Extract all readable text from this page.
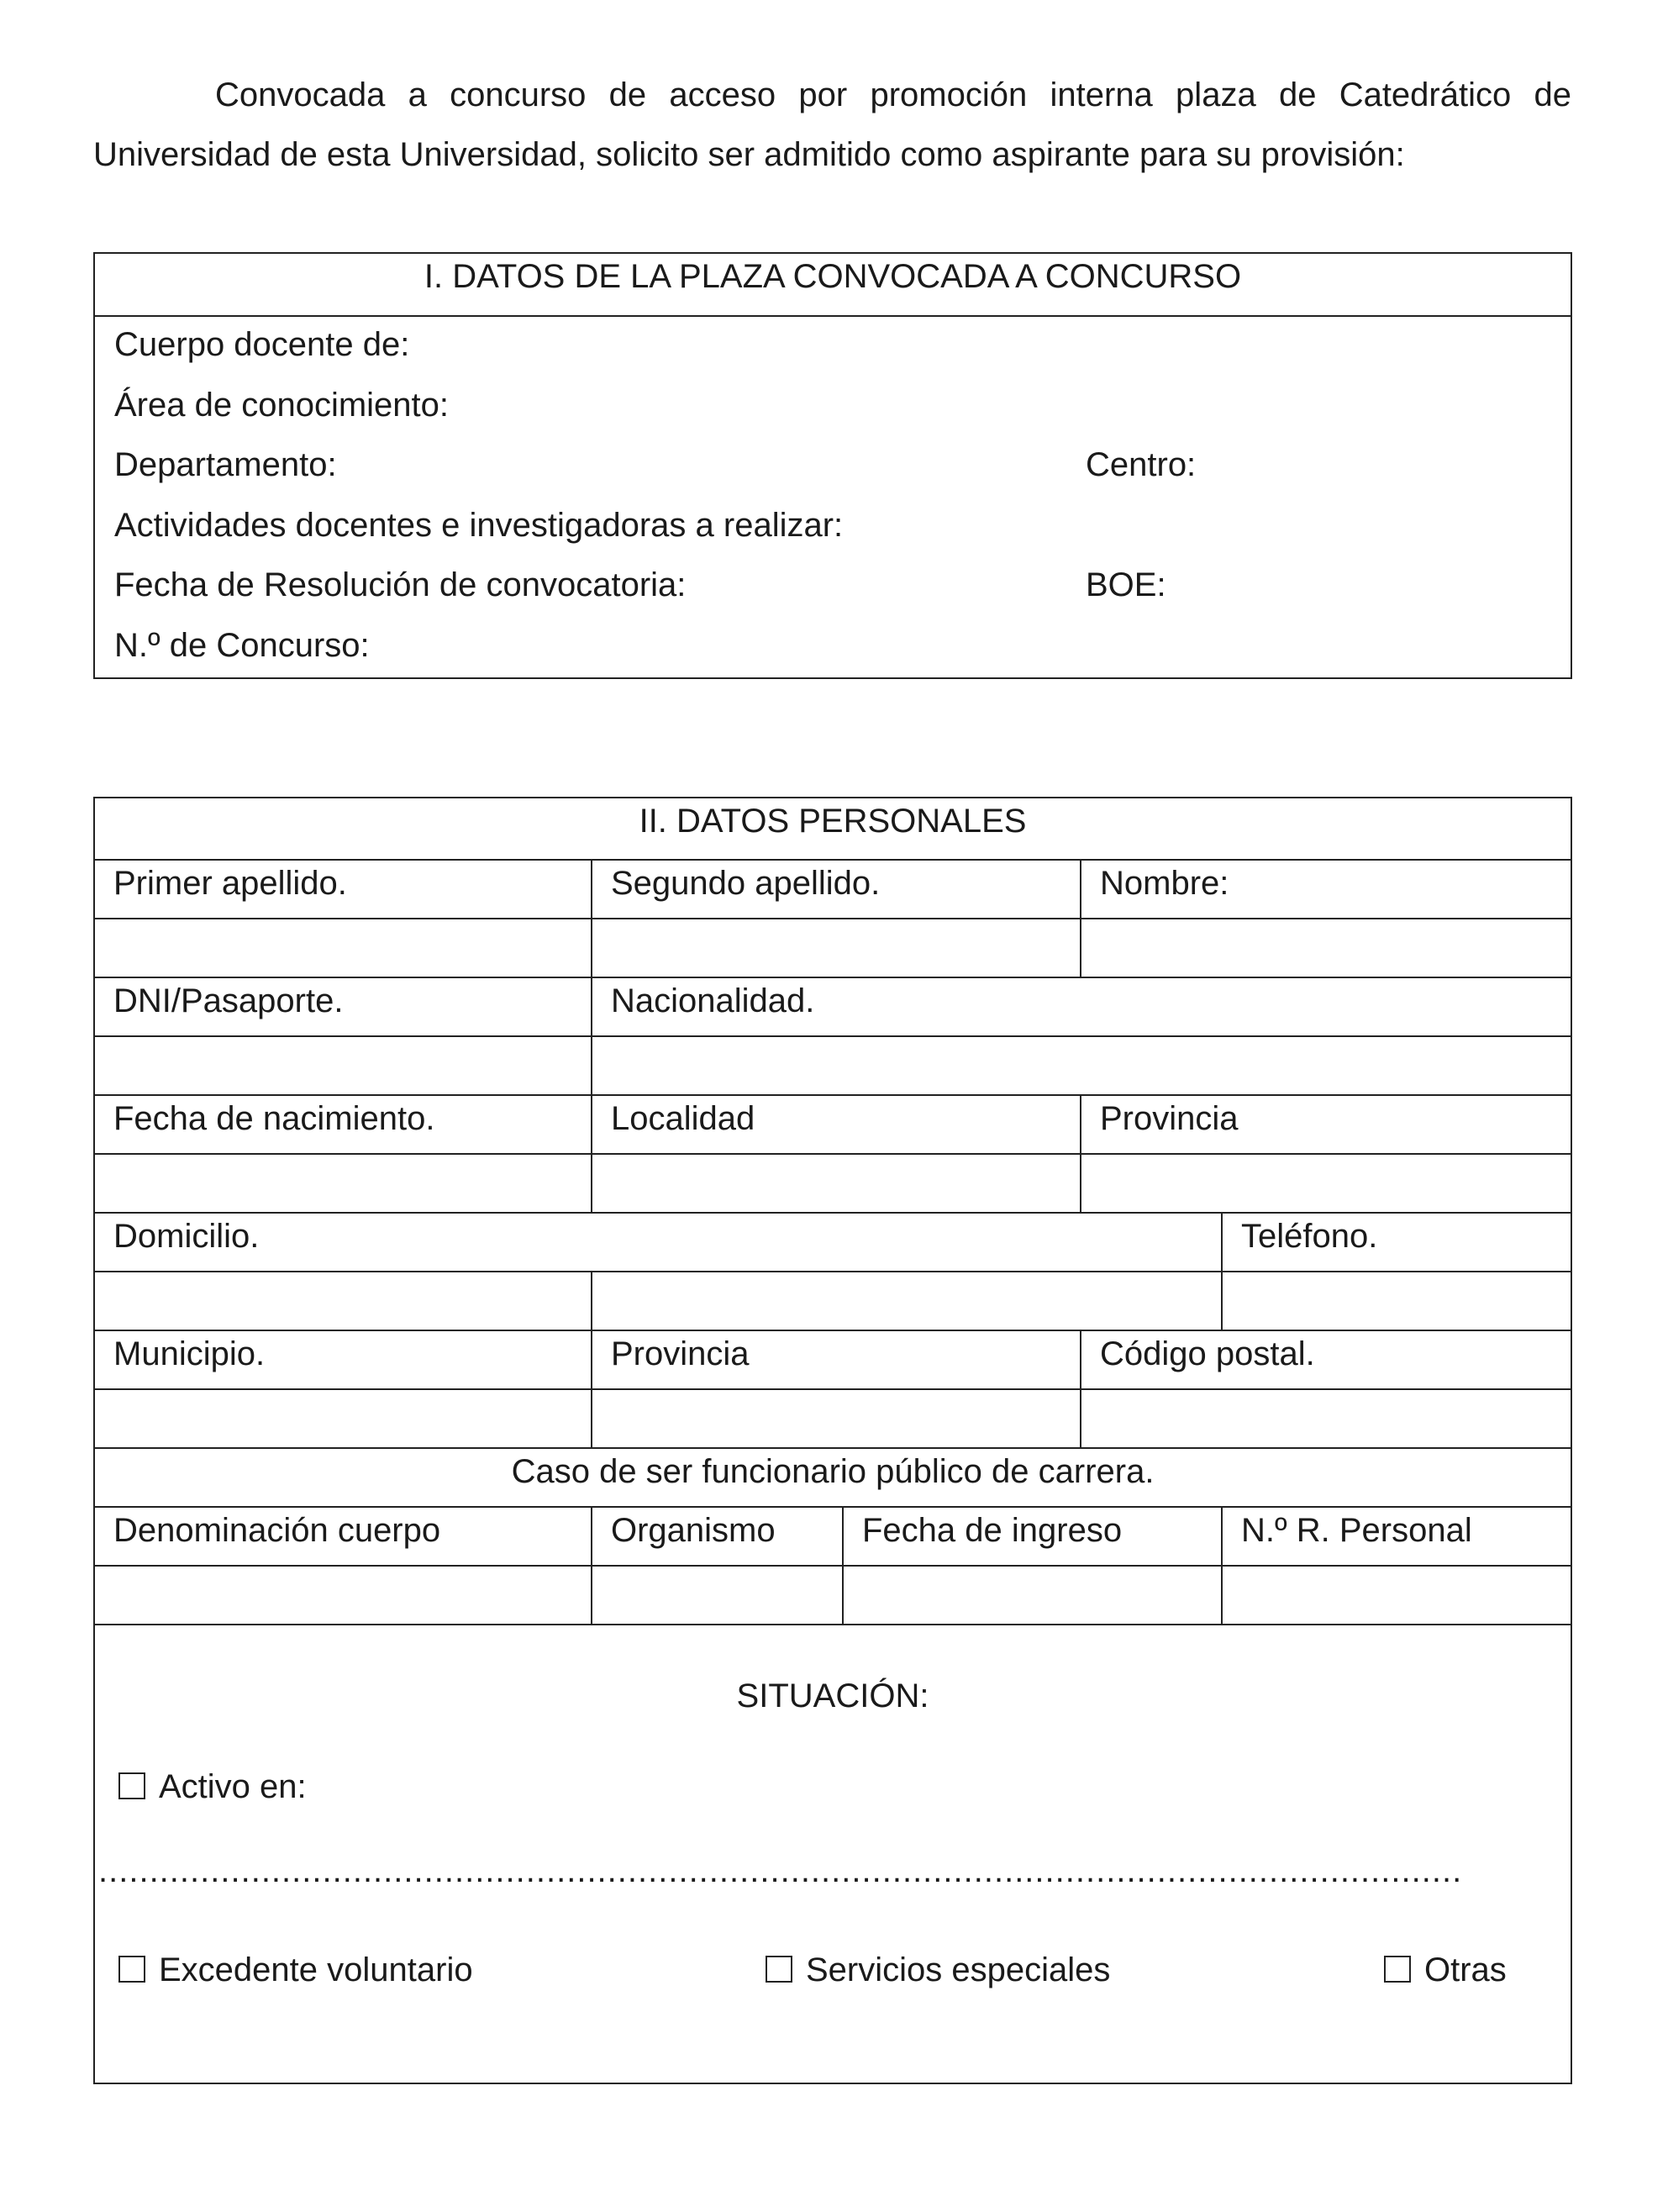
Convocada a concurso de acceso por promoción interna plaza de Catedrático de Universidad de esta Universidad, solicito ser admitido como aspirante para su provisión:

I. DATOS DE LA PLAZA CONVOCADA A CONCURSO
Cuerpo docente de:
Área de conocimiento:
Departamento:	Centro:
Actividades docentes e investigadoras a realizar:
Fecha de Resolución de convocatoria:	BOE:
N.º de Concurso:
II. DATOS PERSONALES				
Primer apellido.	Segundo apellido.		Nombre:	

DNI/Pasaporte.	Nacionalidad.			

Fecha de nacimiento.	Localidad		Provincia	

Domicilio.				Teléfono.

Municipio.	Provincia		Código postal.	

Caso de ser funcionario público de carrera.				
Denominación cuerpo	Organismo	Fecha de ingreso		N.º R. Personal

SITUACIÓN:
Activo en:
......................................................................................................................................
Excedente voluntario	Servicios especiales	Otras
